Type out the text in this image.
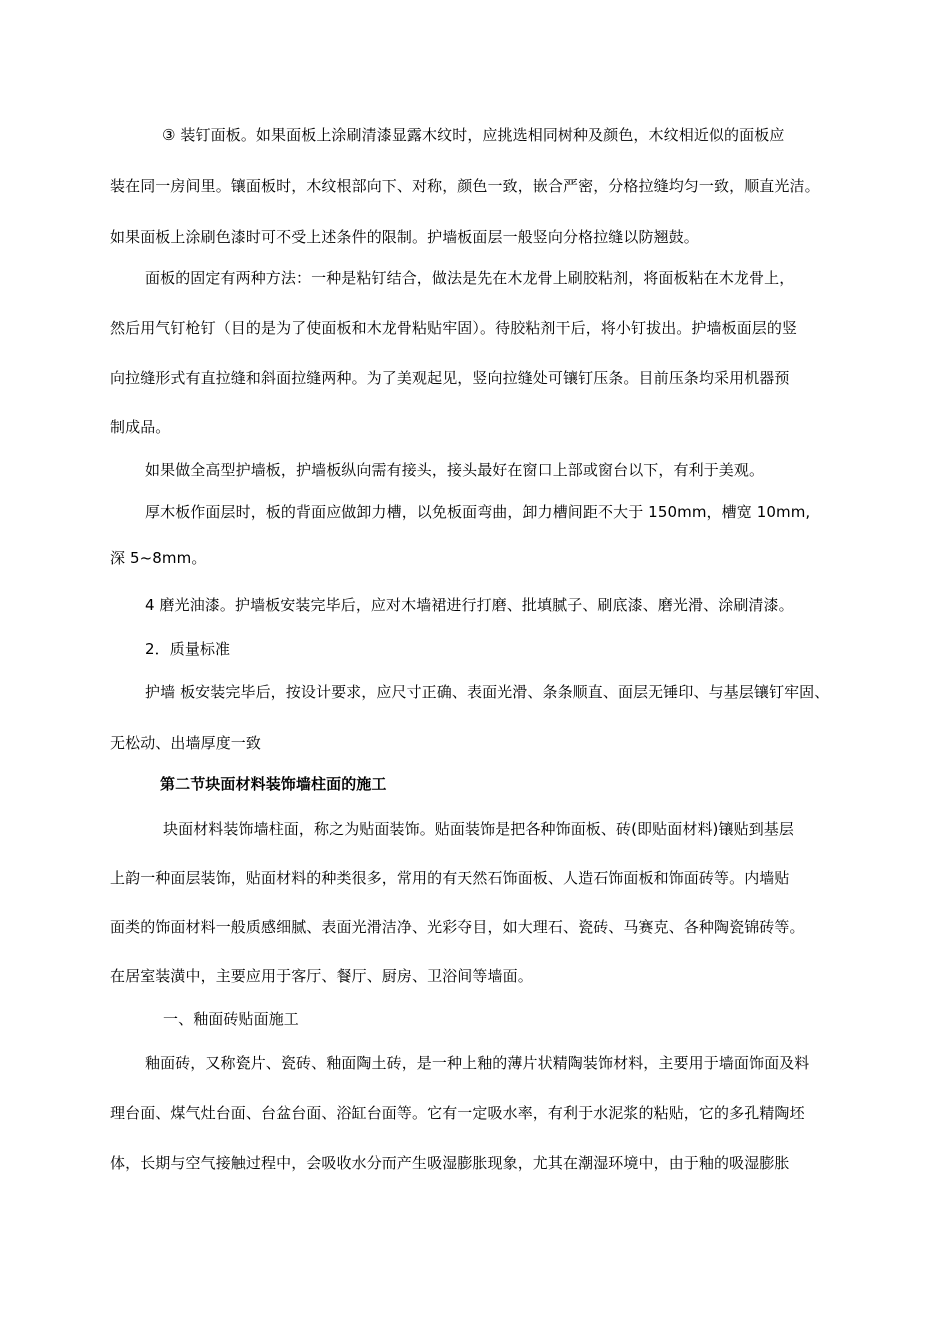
③ 装钉面板。如果面板上涂刷清漆显露木纹时，应挑选相同树种及颜色，木纹相近似的面板应
装在同一房间里。镶面板时，木纹根部向下、对称，颜色一致，嵌合严密，分格拉缝均匀一致，顺直光洁。
如果面板上涂刷色漆时可不受上述条件的限制。护墙板面层一般竖向分格拉缝以防翘鼓。
面板的固定有两种方法：一种是粘钉结合，做法是先在木龙骨上刷胶粘剂，将面板粘在木龙骨上，
然后用气钉枪钉（目的是为了使面板和木龙骨粘贴牢固）。待胶粘剂干后，将小钉拔出。护墙板面层的竖
向拉缝形式有直拉缝和斜面拉缝两种。为了美观起见，竖向拉缝处可镶钉压条。目前压条均采用机器预
制成品。
如果做全高型护墙板，护墙板纵向需有接头，接头最好在窗口上部或窗台以下，有利于美观。
厚木板作面层时，板的背面应做卸力槽，以免板面弯曲，卸力槽间距不大于 150mm，槽宽 10mm,
深 5~8mm。
4 磨光油漆。护墙板安装完毕后，应对木墙裙进行打磨、批填腻子、刷底漆、磨光滑、涂刷清漆。
2．质量标准
护墙 板安装完毕后，按设计要求，应尺寸正确、表面光滑、条条顺直、面层无锤印、与基层镶钉牢固、
无松动、出墙厚度一致
第二节块面材料装饰墙柱面的施工
块面材料装饰墙柱面，称之为贴面装饰。贴面装饰是把各种饰面板、砖(即贴面材料)镶贴到基层
上韵一种面层装饰，贴面材料的种类很多，常用的有天然石饰面板、人造石饰面板和饰面砖等。内墙贴
面类的饰面材料一般质感细腻、表面光滑洁净、光彩夺目，如大理石、瓷砖、马赛克、各种陶瓷锦砖等。
在居室装潢中，主要应用于客厅、餐厅、厨房、卫浴间等墙面。
一、釉面砖贴面施工
釉面砖，又称瓷片、瓷砖、釉面陶土砖，是一种上釉的薄片状精陶装饰材料，主要用于墙面饰面及料
理台面、煤气灶台面、台盆台面、浴缸台面等。它有一定吸水率，有利于水泥浆的粘贴，它的多孔精陶坯
体，长期与空气接触过程中，会吸收水分而产生吸湿膨胀现象，尤其在潮湿环境中，由于釉的吸湿膨胀
